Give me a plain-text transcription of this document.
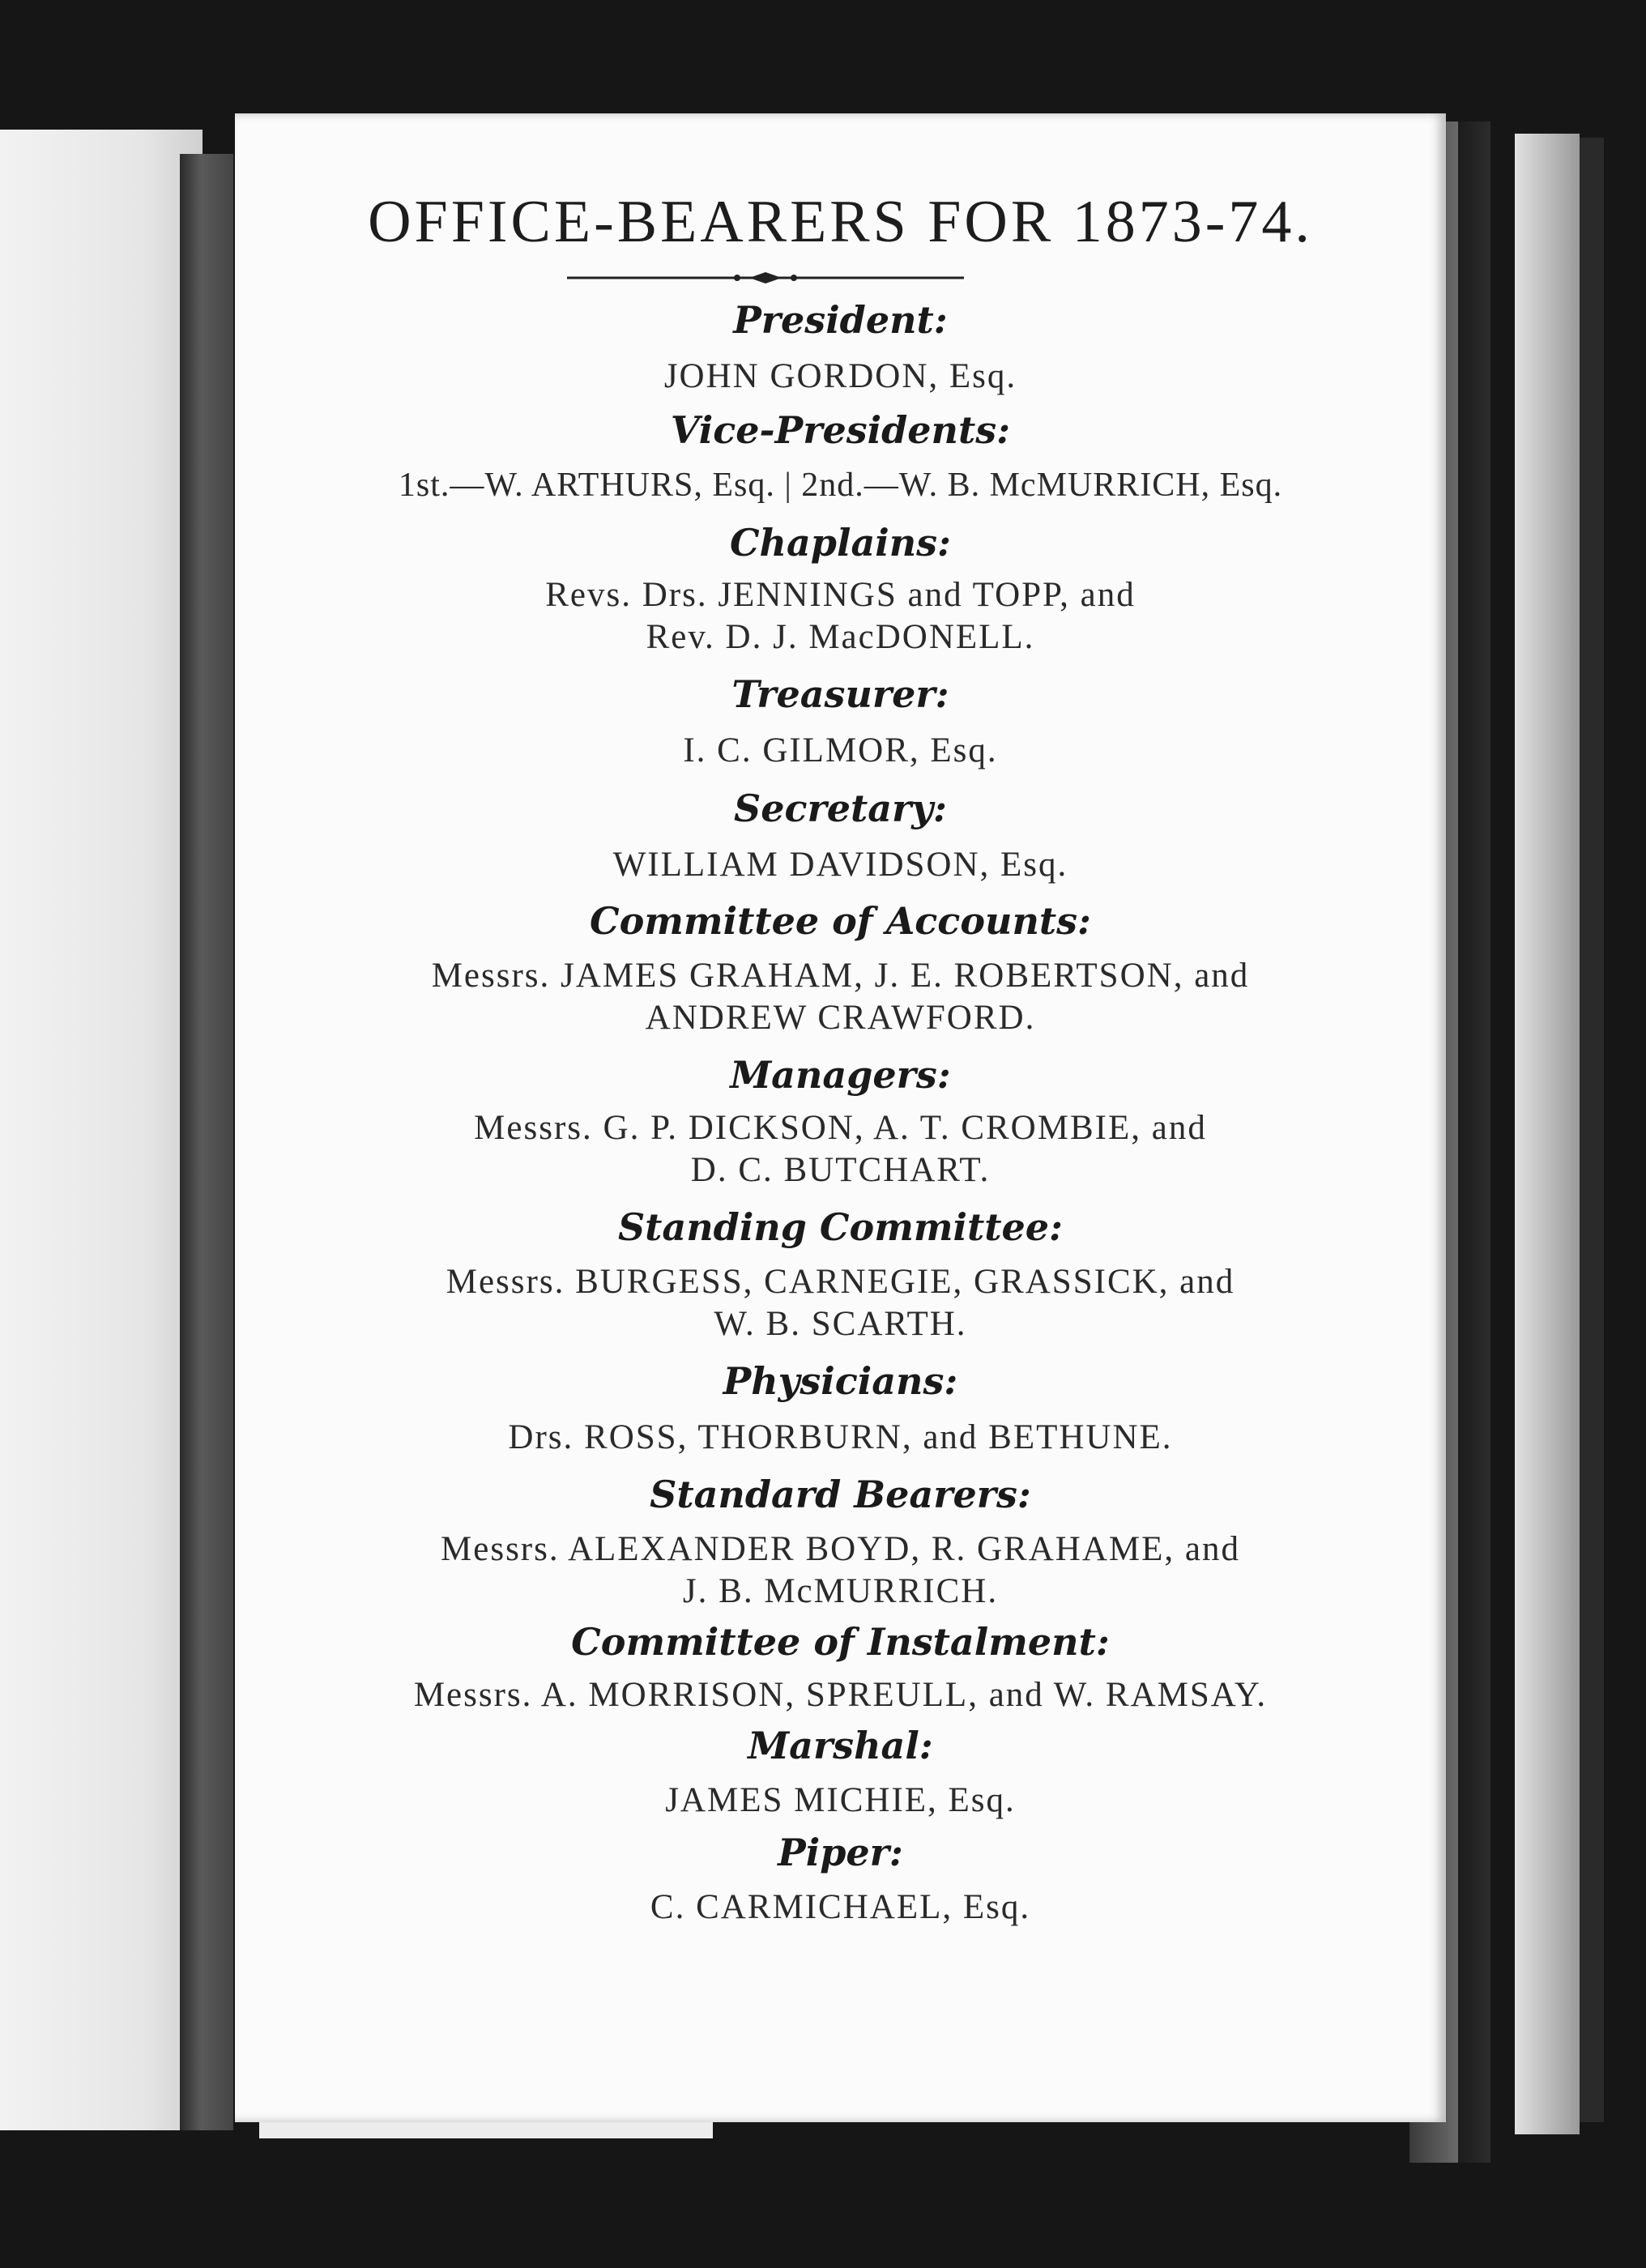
OFFICE-BEARERS FOR 1873-74.
President:
JOHN GORDON, Esq.
Vice-Presidents:
1st.—W. ARTHURS, Esq. | 2nd.—W. B. McMURRICH, Esq.
Chaplains:
Revs. Drs. JENNINGS and TOPP, and
Rev. D. J. MacDONELL.
Treasurer:
I. C. GILMOR, Esq.
Secretary:
WILLIAM DAVIDSON, Esq.
Committee of Accounts:
Messrs. JAMES GRAHAM, J. E. ROBERTSON, and
ANDREW CRAWFORD.
Managers:
Messrs. G. P. DICKSON, A. T. CROMBIE, and
D. C. BUTCHART.
Standing Committee:
Messrs. BURGESS, CARNEGIE, GRASSICK, and
W. B. SCARTH.
Physicians:
Drs. ROSS, THORBURN, and BETHUNE.
Standard Bearers:
Messrs. ALEXANDER BOYD, R. GRAHAME, and
J. B. McMURRICH.
Committee of Instalment:
Messrs. A. MORRISON, SPREULL, and W. RAMSAY.
Marshal:
JAMES MICHIE, Esq.
Piper:
C. CARMICHAEL, Esq.
